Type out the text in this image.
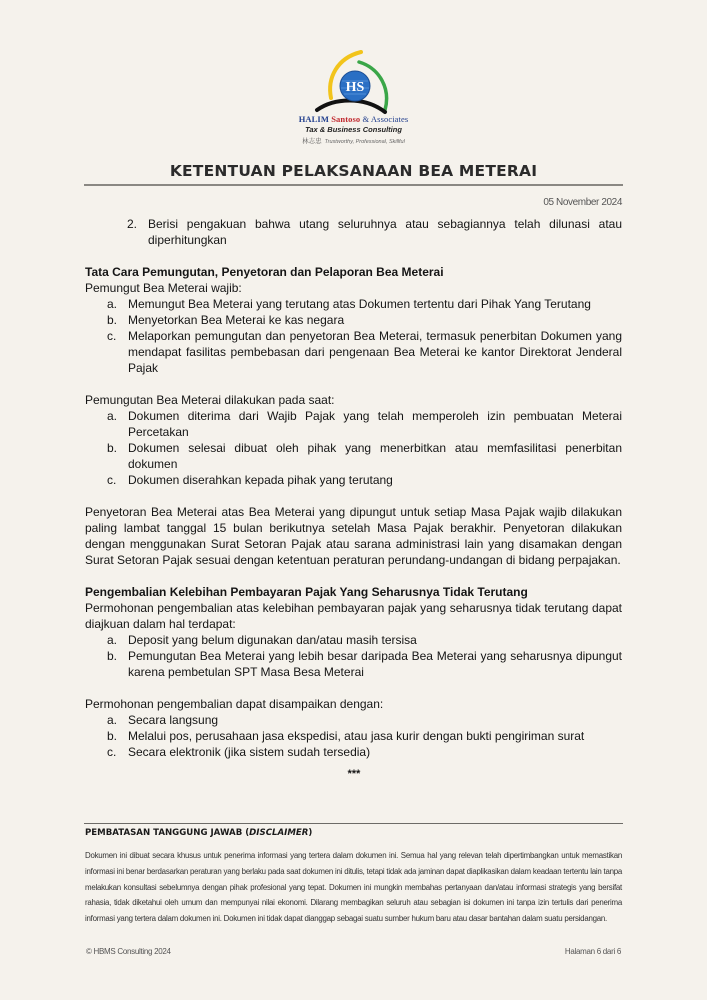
HS
HALIM Santoso & Associates
Tax & Business Consulting
林志忠 Trustworthy, Professional, Skillful
KETENTUAN PELAKSANAAN BEA METERAI
05 November 2024
2. Berisi pengakuan bahwa utang seluruhnya atau sebagiannya telah dilunasi atau diperhitungkan
Tata Cara Pemungutan, Penyetoran dan Pelaporan Bea Meterai
Pemungut Bea Meterai wajib:
a. Memungut Bea Meterai yang terutang atas Dokumen tertentu dari Pihak Yang Terutang
b. Menyetorkan Bea Meterai ke kas negara
c. Melaporkan pemungutan dan penyetoran Bea Meterai, termasuk penerbitan Dokumen yang mendapat fasilitas pembebasan dari pengenaan Bea Meterai ke kantor Direktorat Jenderal Pajak
Pemungutan Bea Meterai dilakukan pada saat:
a. Dokumen diterima dari Wajib Pajak yang telah memperoleh izin pembuatan Meterai Percetakan
b. Dokumen selesai dibuat oleh pihak yang menerbitkan atau memfasilitasi penerbitan dokumen
c. Dokumen diserahkan kepada pihak yang terutang
Penyetoran Bea Meterai atas Bea Meterai yang dipungut untuk setiap Masa Pajak wajib dilakukan paling lambat tanggal 15 bulan berikutnya setelah Masa Pajak berakhir. Penyetoran dilakukan dengan menggunakan Surat Setoran Pajak atau sarana administrasi lain yang disamakan dengan Surat Setoran Pajak sesuai dengan ketentuan peraturan perundang-undangan di bidang perpajakan.
Pengembalian Kelebihan Pembayaran Pajak Yang Seharusnya Tidak Terutang
Permohonan pengembalian atas kelebihan pembayaran pajak yang seharusnya tidak terutang dapat diajkuan dalam hal terdapat:
a. Deposit yang belum digunakan dan/atau masih tersisa
b. Pemungutan Bea Meterai yang lebih besar daripada Bea Meterai yang seharusnya dipungut karena pembetulan SPT Masa Besa Meterai
Permohonan pengembalian dapat disampaikan dengan:
a. Secara langsung
b. Melalui pos, perusahaan jasa ekspedisi, atau jasa kurir dengan bukti pengiriman surat
c. Secara elektronik (jika sistem sudah tersedia)
***
PEMBATASAN TANGGUNG JAWAB (DISCLAIMER)
Dokumen ini dibuat secara khusus untuk penerima informasi yang tertera dalam dokumen ini. Semua hal yang relevan telah dipertimbangkan untuk memastikan informasi ini benar berdasarkan peraturan yang berlaku pada saat dokumen ini ditulis, tetapi tidak ada jaminan dapat diaplikasikan dalam keadaan tertentu lain tanpa melakukan konsultasi sebelumnya dengan pihak profesional yang tepat. Dokumen ini mungkin membahas pertanyaan dan/atau informasi strategis yang bersifat rahasia, tidak diketahui oleh umum dan mempunyai nilai ekonomi. Dilarang membagikan seluruh atau sebagian isi dokumen ini tanpa izin tertulis dari penerima informasi yang tertera dalam dokumen ini. Dokumen ini tidak dapat dianggap sebagai suatu sumber hukum baru atau dasar bantahan dalam suatu persidangan.
© HBMS Consulting 2024	Halaman 6 dari 6
